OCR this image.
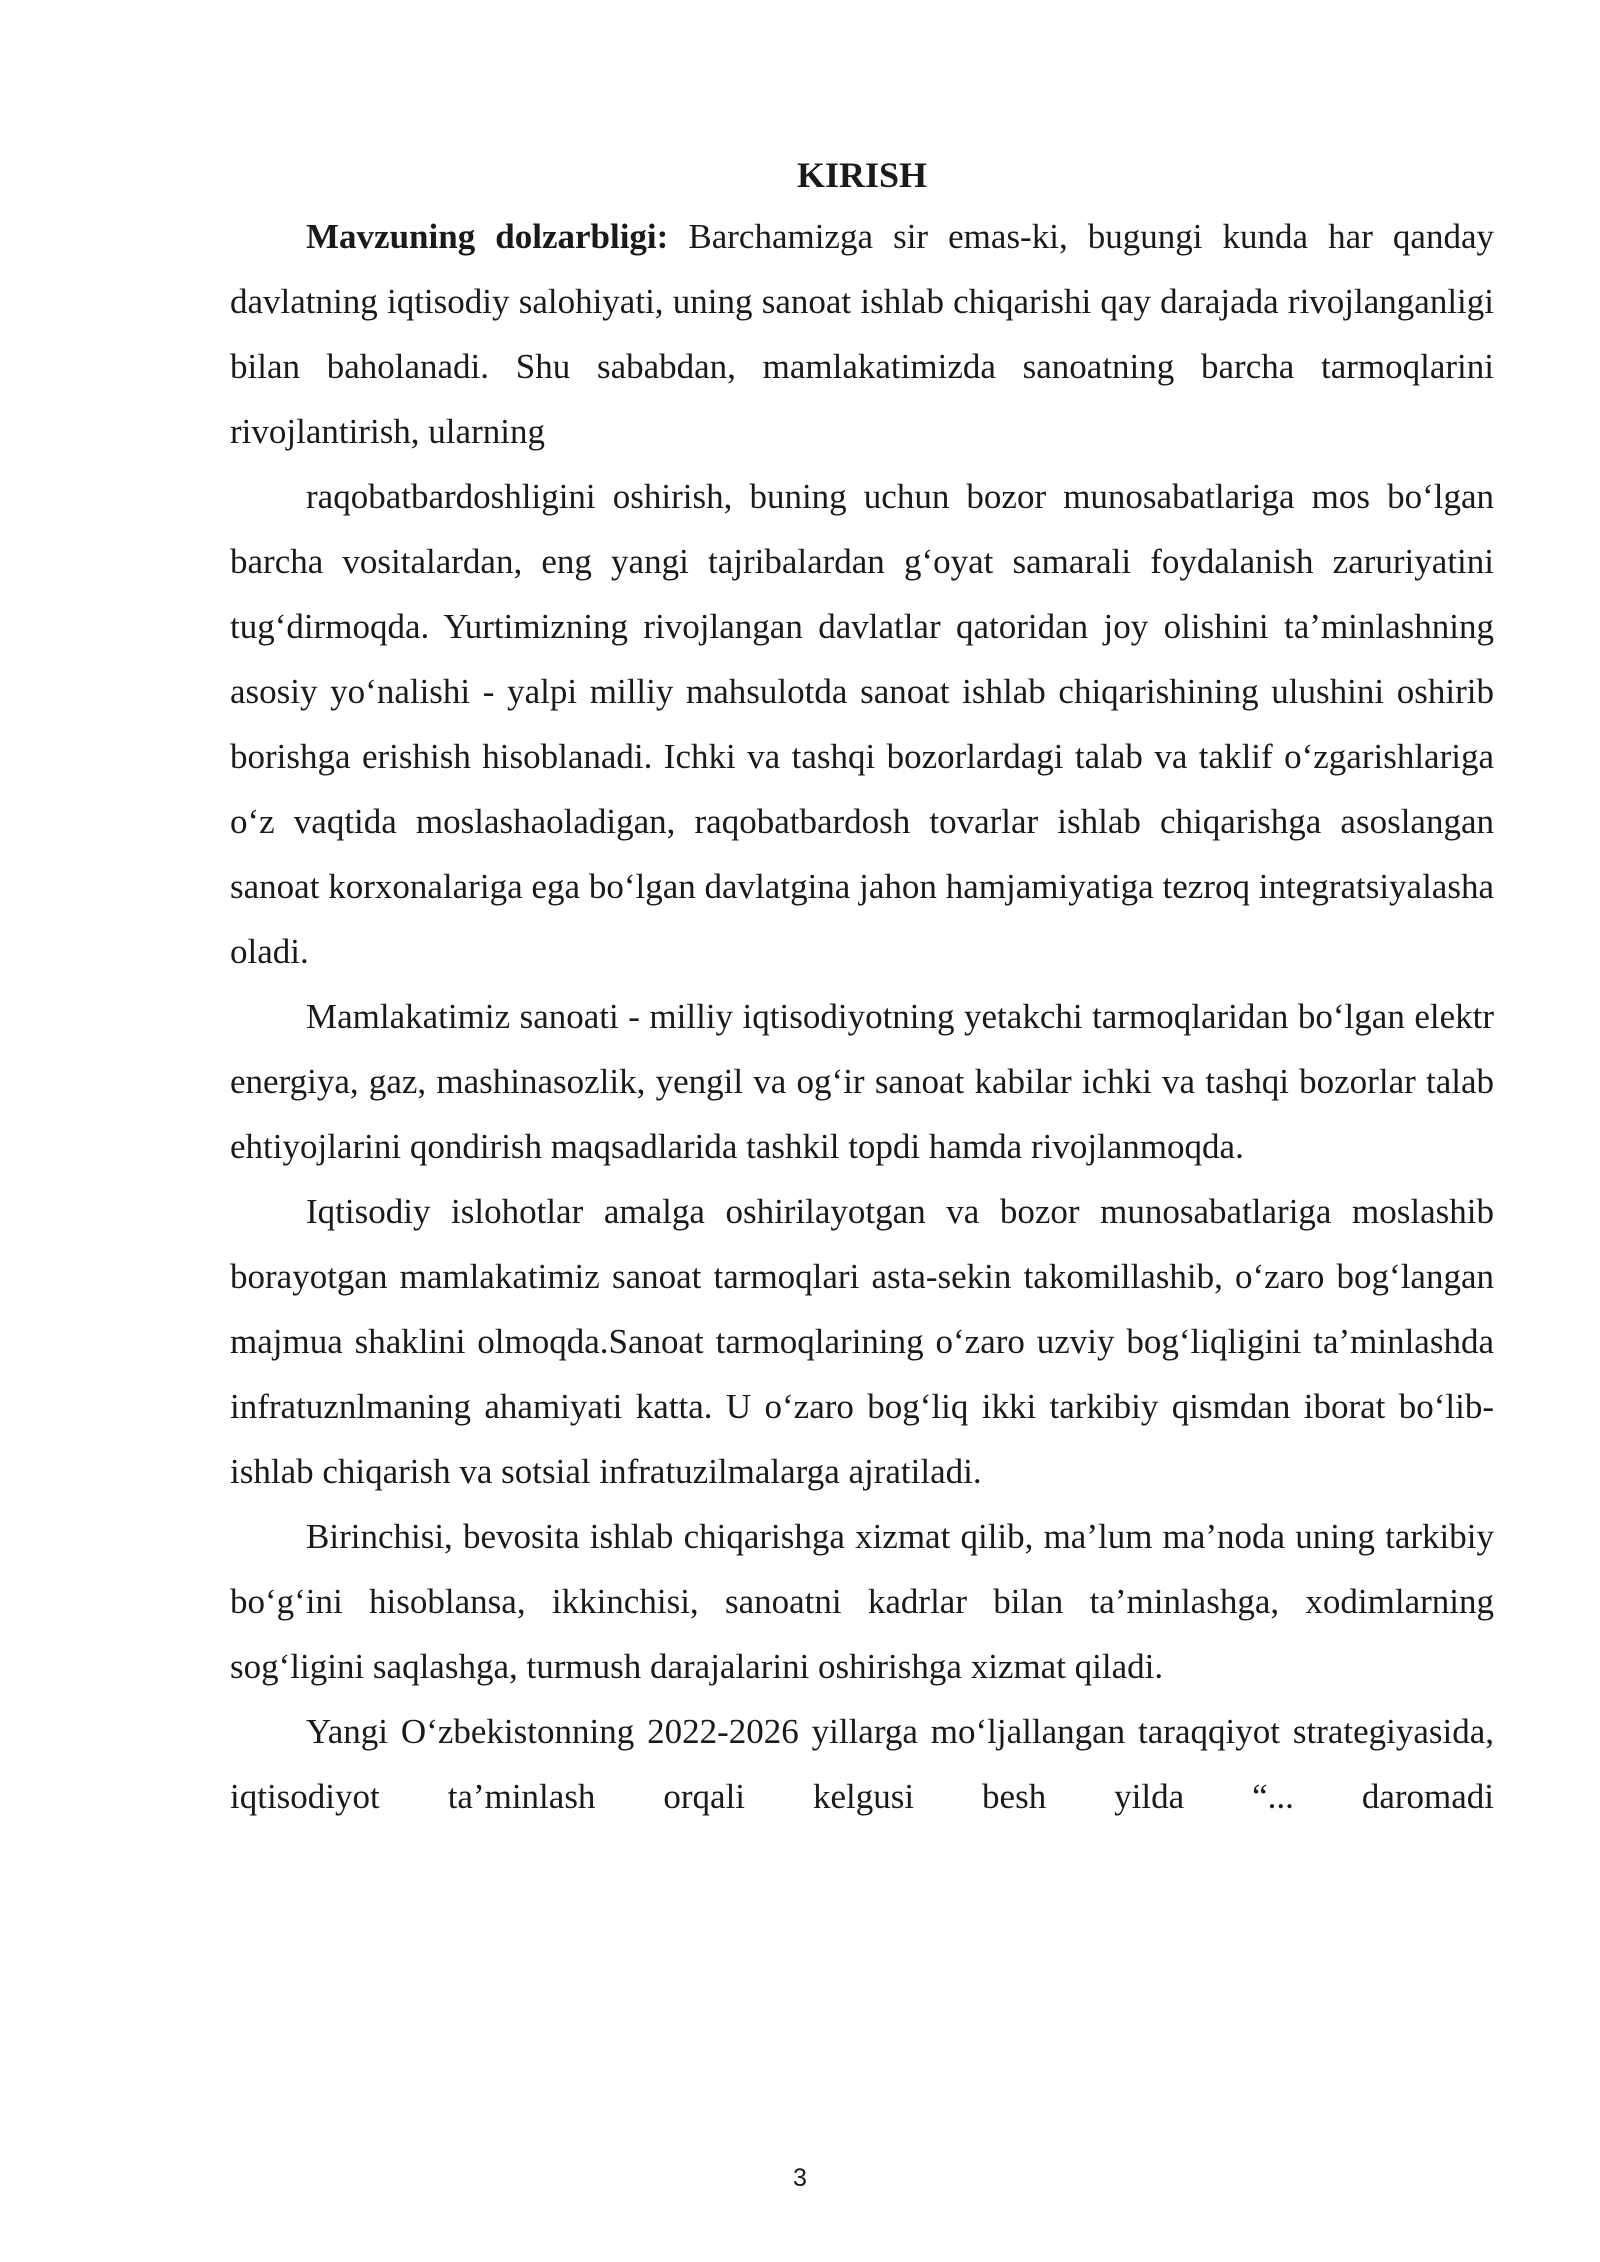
KIRISH

Mavzuning dolzarbligi: Barchamizga sir emas-ki, bugungi kunda har qanday davlatning iqtisodiy salohiyati, uning sanoat ishlab chiqarishi qay darajada rivojlanganligi bilan baholanadi. Shu sababdan, mamlakatimizda sanoatning barcha tarmoqlarini rivojlantirish, ularning

raqobatbardoshligini oshirish, buning uchun bozor munosabatlariga mos bo‘lgan barcha vositalardan, eng yangi tajribalardan g‘oyat samarali foydalanish zaruriyatini tug‘dirmoqda. Yurtimizning rivojlangan davlatlar qatoridan joy olishini ta’minlashning asosiy yo‘nalishi - yalpi milliy mahsulotda sanoat ishlab chiqarishining ulushini oshirib borishga erishish hisoblanadi. Ichki va tashqi bozorlardagi talab va taklif o‘zgarishlariga o‘z vaqtida moslashaoladigan, raqobatbardosh tovarlar ishlab chiqarishga asoslangan sanoat korxonalariga ega bo‘lgan davlatgina jahon hamjamiyatiga tezroq integratsiyalasha oladi.

Mamlakatimiz sanoati - milliy iqtisodiyotning yetakchi tarmoqlaridan bo‘lgan elektr energiya, gaz, mashinasozlik, yengil va og‘ir sanoat kabilar ichki va tashqi bozorlar talab ehtiyojlarini qondirish maqsadlarida tashkil topdi hamda rivojlanmoqda.

Iqtisodiy islohotlar amalga oshirilayotgan va bozor munosabatlariga moslashib borayotgan mamlakatimiz sanoat tarmoqlari asta-sekin takomillashib, o‘zaro bog‘langan majmua shaklini olmoqda.Sanoat tarmoqlarining o‘zaro uzviy bog‘liqligini ta’minlashda infratuznlmaning ahamiyati katta. U o‘zaro bog‘liq ikki tarkibiy qismdan iborat bo‘lib-ishlab chiqarish va sotsial infratuzilmalarga ajratiladi.

Birinchisi, bevosita ishlab chiqarishga xizmat qilib, ma’lum ma’noda uning tarkibiy bo‘g‘ini hisoblansa, ikkinchisi, sanoatni kadrlar bilan ta’minlashga, xodimlarning sog‘ligini saqlashga, turmush darajalarini oshirishga xizmat qiladi.

Yangi O‘zbekistonning 2022-2026 yillarga mo‘ljallangan taraqqiyot strategiyasida, iqtisodiyot ta’minlash orqali kelgusi besh yilda “... daromadi

3
